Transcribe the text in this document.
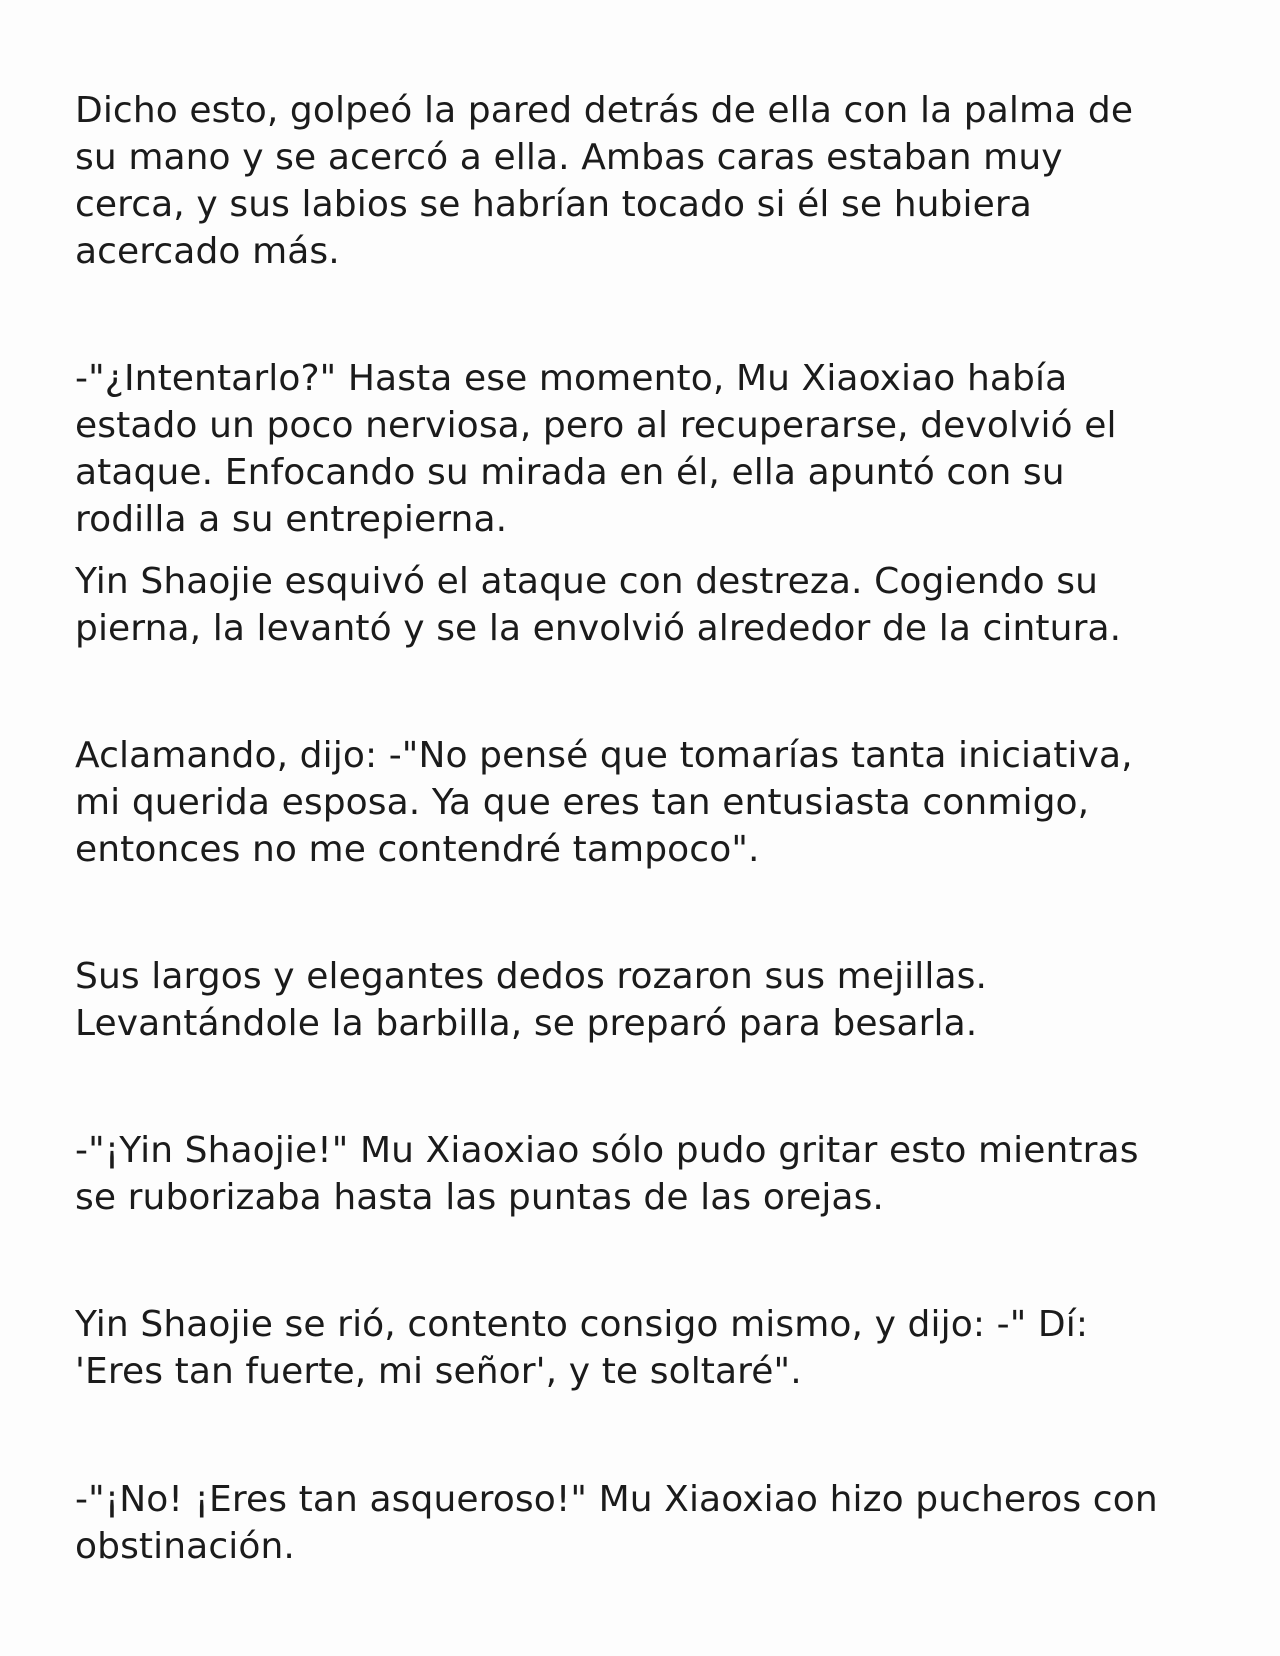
Dicho esto, golpeó la pared detrás de ella con la palma de
su mano y se acercó a ella. Ambas caras estaban muy
cerca, y sus labios se habrían tocado si él se hubiera
acercado más.

-"¿Intentarlo?" Hasta ese momento, Mu Xiaoxiao había
estado un poco nerviosa, pero al recuperarse, devolvió el
ataque. Enfocando su mirada en él, ella apuntó con su
rodilla a su entrepierna.

Yin Shaojie esquivó el ataque con destreza. Cogiendo su
pierna, la levantó y se la envolvió alrededor de la cintura.

Aclamando, dijo: -"No pensé que tomarías tanta iniciativa,
mi querida esposa. Ya que eres tan entusiasta conmigo,
entonces no me contendré tampoco".

Sus largos y elegantes dedos rozaron sus mejillas.
Levantándole la barbilla, se preparó para besarla.

-"¡Yin Shaojie!" Mu Xiaoxiao sólo pudo gritar esto mientras
se ruborizaba hasta las puntas de las orejas.

Yin Shaojie se rió, contento consigo mismo, y dijo: -" Dí:
'Eres tan fuerte, mi señor', y te soltaré".

-"¡No! ¡Eres tan asqueroso!" Mu Xiaoxiao hizo pucheros con
obstinación.
